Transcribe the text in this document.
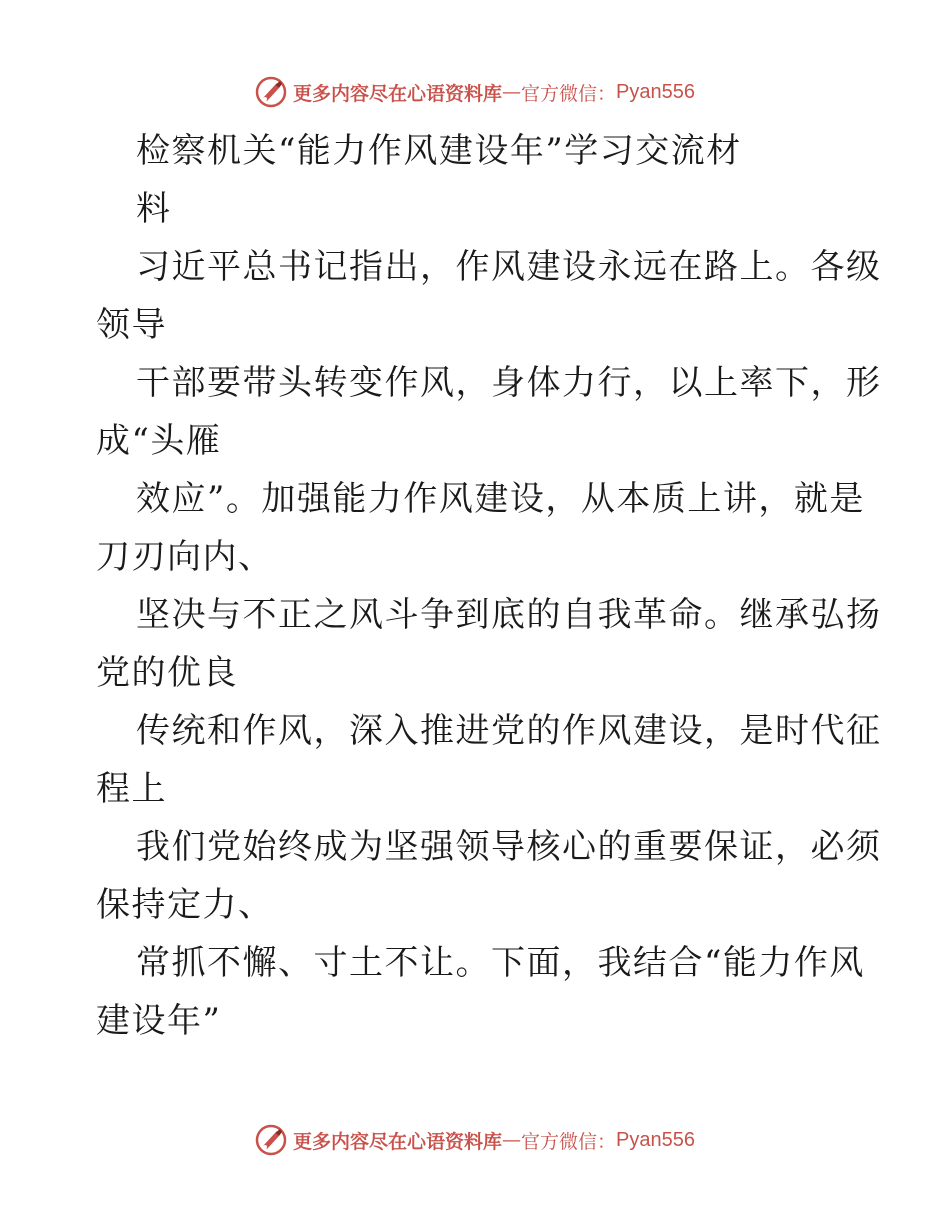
更多内容尽在心语资料库 — 官方微信： Pyan556
检察机关“能力作风建设年”学习交流材
料
习近平总书记指出，作风建设永远在路上。各级
领导
干部要带头转变作风，身体力行，以上率下，形
成“头雁
效应”。加强能力作风建设，从本质上讲，就是
刀刃向内、
坚决与不正之风斗争到底的自我革命。继承弘扬
党的优良
传统和作风，深入推进党的作风建设，是时代征
程上
我们党始终成为坚强领导核心的重要保证，必须
保持定力、
常抓不懈、寸土不让。下面，我结合“能力作风
建设年”
更多内容尽在心语资料库 — 官方微信： Pyan556
